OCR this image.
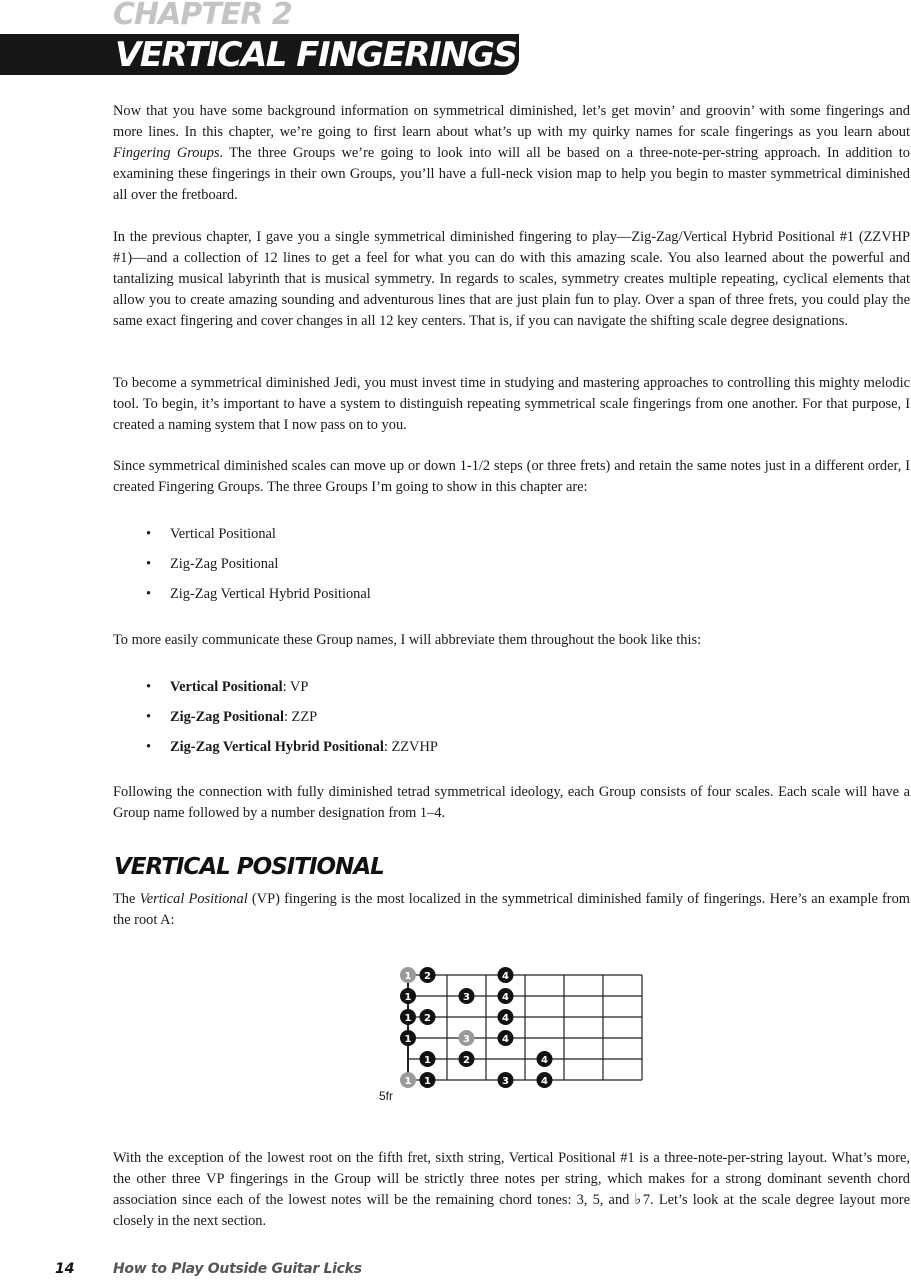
CHAPTER 2
VERTICAL FINGERINGS

Now that you have some background information on symmetrical diminished, let’s get movin’ and groovin’ with some fingerings and more lines. In this chapter, we’re going to first learn about what’s up with my quirky names for scale fingerings as you learn about Fingering Groups. The three Groups we’re going to look into will all be based on a three-note-per-string approach. In addition to examining these fingerings in their own Groups, you’ll have a full-neck vision map to help you begin to master symmetrical diminished all over the fretboard.

In the previous chapter, I gave you a single symmetrical diminished fingering to play—Zig-Zag/Vertical Hybrid Positional #1 (ZZVHP #1)—and a collection of 12 lines to get a feel for what you can do with this amazing scale. You also learned about the powerful and tantalizing musical labyrinth that is musical symmetry. In regards to scales, symmetry creates multiple repeating, cyclical elements that allow you to create amazing sounding and adventurous lines that are just plain fun to play. Over a span of three frets, you could play the same exact fingering and cover changes in all 12 key centers. That is, if you can navigate the shifting scale degree designations.

To become a symmetrical diminished Jedi, you must invest time in studying and mastering approaches to controlling this mighty melodic tool. To begin, it’s important to have a system to distinguish repeating symmetrical scale fingerings from one another. For that purpose, I created a naming system that I now pass on to you.

Since symmetrical diminished scales can move up or down 1-1/2 steps (or three frets) and retain the same notes just in a different order, I created Fingering Groups. The three Groups I’m going to show in this chapter are:

• Vertical Positional
• Zig-Zag Positional
• Zig-Zag Vertical Hybrid Positional

To more easily communicate these Group names, I will abbreviate them throughout the book like this:

• Vertical Positional: VP
• Zig-Zag Positional: ZZP
• Zig-Zag Vertical Hybrid Positional: ZZVHP

Following the connection with fully diminished tetrad symmetrical ideology, each Group consists of four scales. Each scale will have a Group name followed by a number designation from 1–4.

VERTICAL POSITIONAL

The Vertical Positional (VP) fingering is the most localized in the symmetrical diminished family of fingerings. Here’s an example from the root A:

1 2	4
1	3	4
1 2	4
1	3	4
1	2	4
1 1	3	4
5fr

With the exception of the lowest root on the fifth fret, sixth string, Vertical Positional #1 is a three-note-per-string layout. What’s more, the other three VP fingerings in the Group will be strictly three notes per string, which makes for a strong dominant seventh chord association since each of the lowest notes will be the remaining chord tones: 3, 5, and ♭7. Let’s look at the scale degree layout more closely in the next section.

14	How to Play Outside Guitar Licks
